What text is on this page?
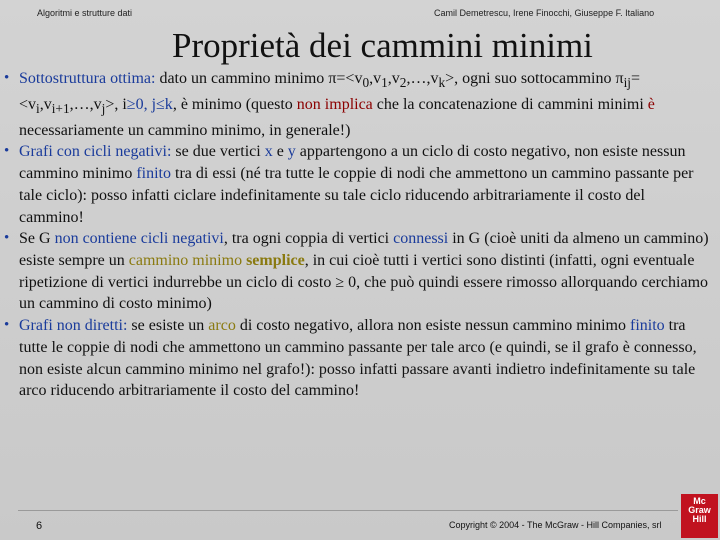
Algoritmi e strutture dati	Camil Demetrescu, Irene Finocchi, Giuseppe F. Italiano
Proprietà dei cammini minimi

• Sottostruttura ottima: dato un cammino minimo $\pi=<v_0,v_1,v_2,\dots,v_k>$, ogni suo sottocammino $\pi_{ij}=<v_i,v_{i+1},\dots,v_j>$, i≥0, j≤k, è minimo (questo non implica che la concatenazione di cammini minimi è necessariamente un cammino minimo, in generale!)

• Grafi con cicli negativi: se due vertici x e y appartengono a un ciclo di costo negativo, non esiste nessun cammino minimo finito tra di essi (né tra tutte le coppie di nodi che ammettono un cammino passante per tale ciclo): posso infatti ciclare indefinitamente su tale ciclo riducendo arbitrariamente il costo del cammino!

• Se G non contiene cicli negativi, tra ogni coppia di vertici connessi in G (cioè uniti da almeno un cammino) esiste sempre un cammino minimo semplice, in cui cioè tutti i vertici sono distinti (infatti, ogni eventuale ripetizione di vertici indurrebbe un ciclo di costo ≥ 0, che può quindi essere rimosso allorquando cerchiamo un cammino di costo minimo)

• Grafi non diretti: se esiste un arco di costo negativo, allora non esiste nessun cammino minimo finito tra tutte le coppie di nodi che ammettono un cammino passante per tale arco (e quindi, se il grafo è connesso, non esiste alcun cammino minimo nel grafo!): posso infatti passare avanti indietro indefinitamente su tale arco riducendo arbitrariamente il costo del cammino!

6	Copyright © 2004 - The McGraw - Hill Companies, srl
Mc
Graw
Hill
